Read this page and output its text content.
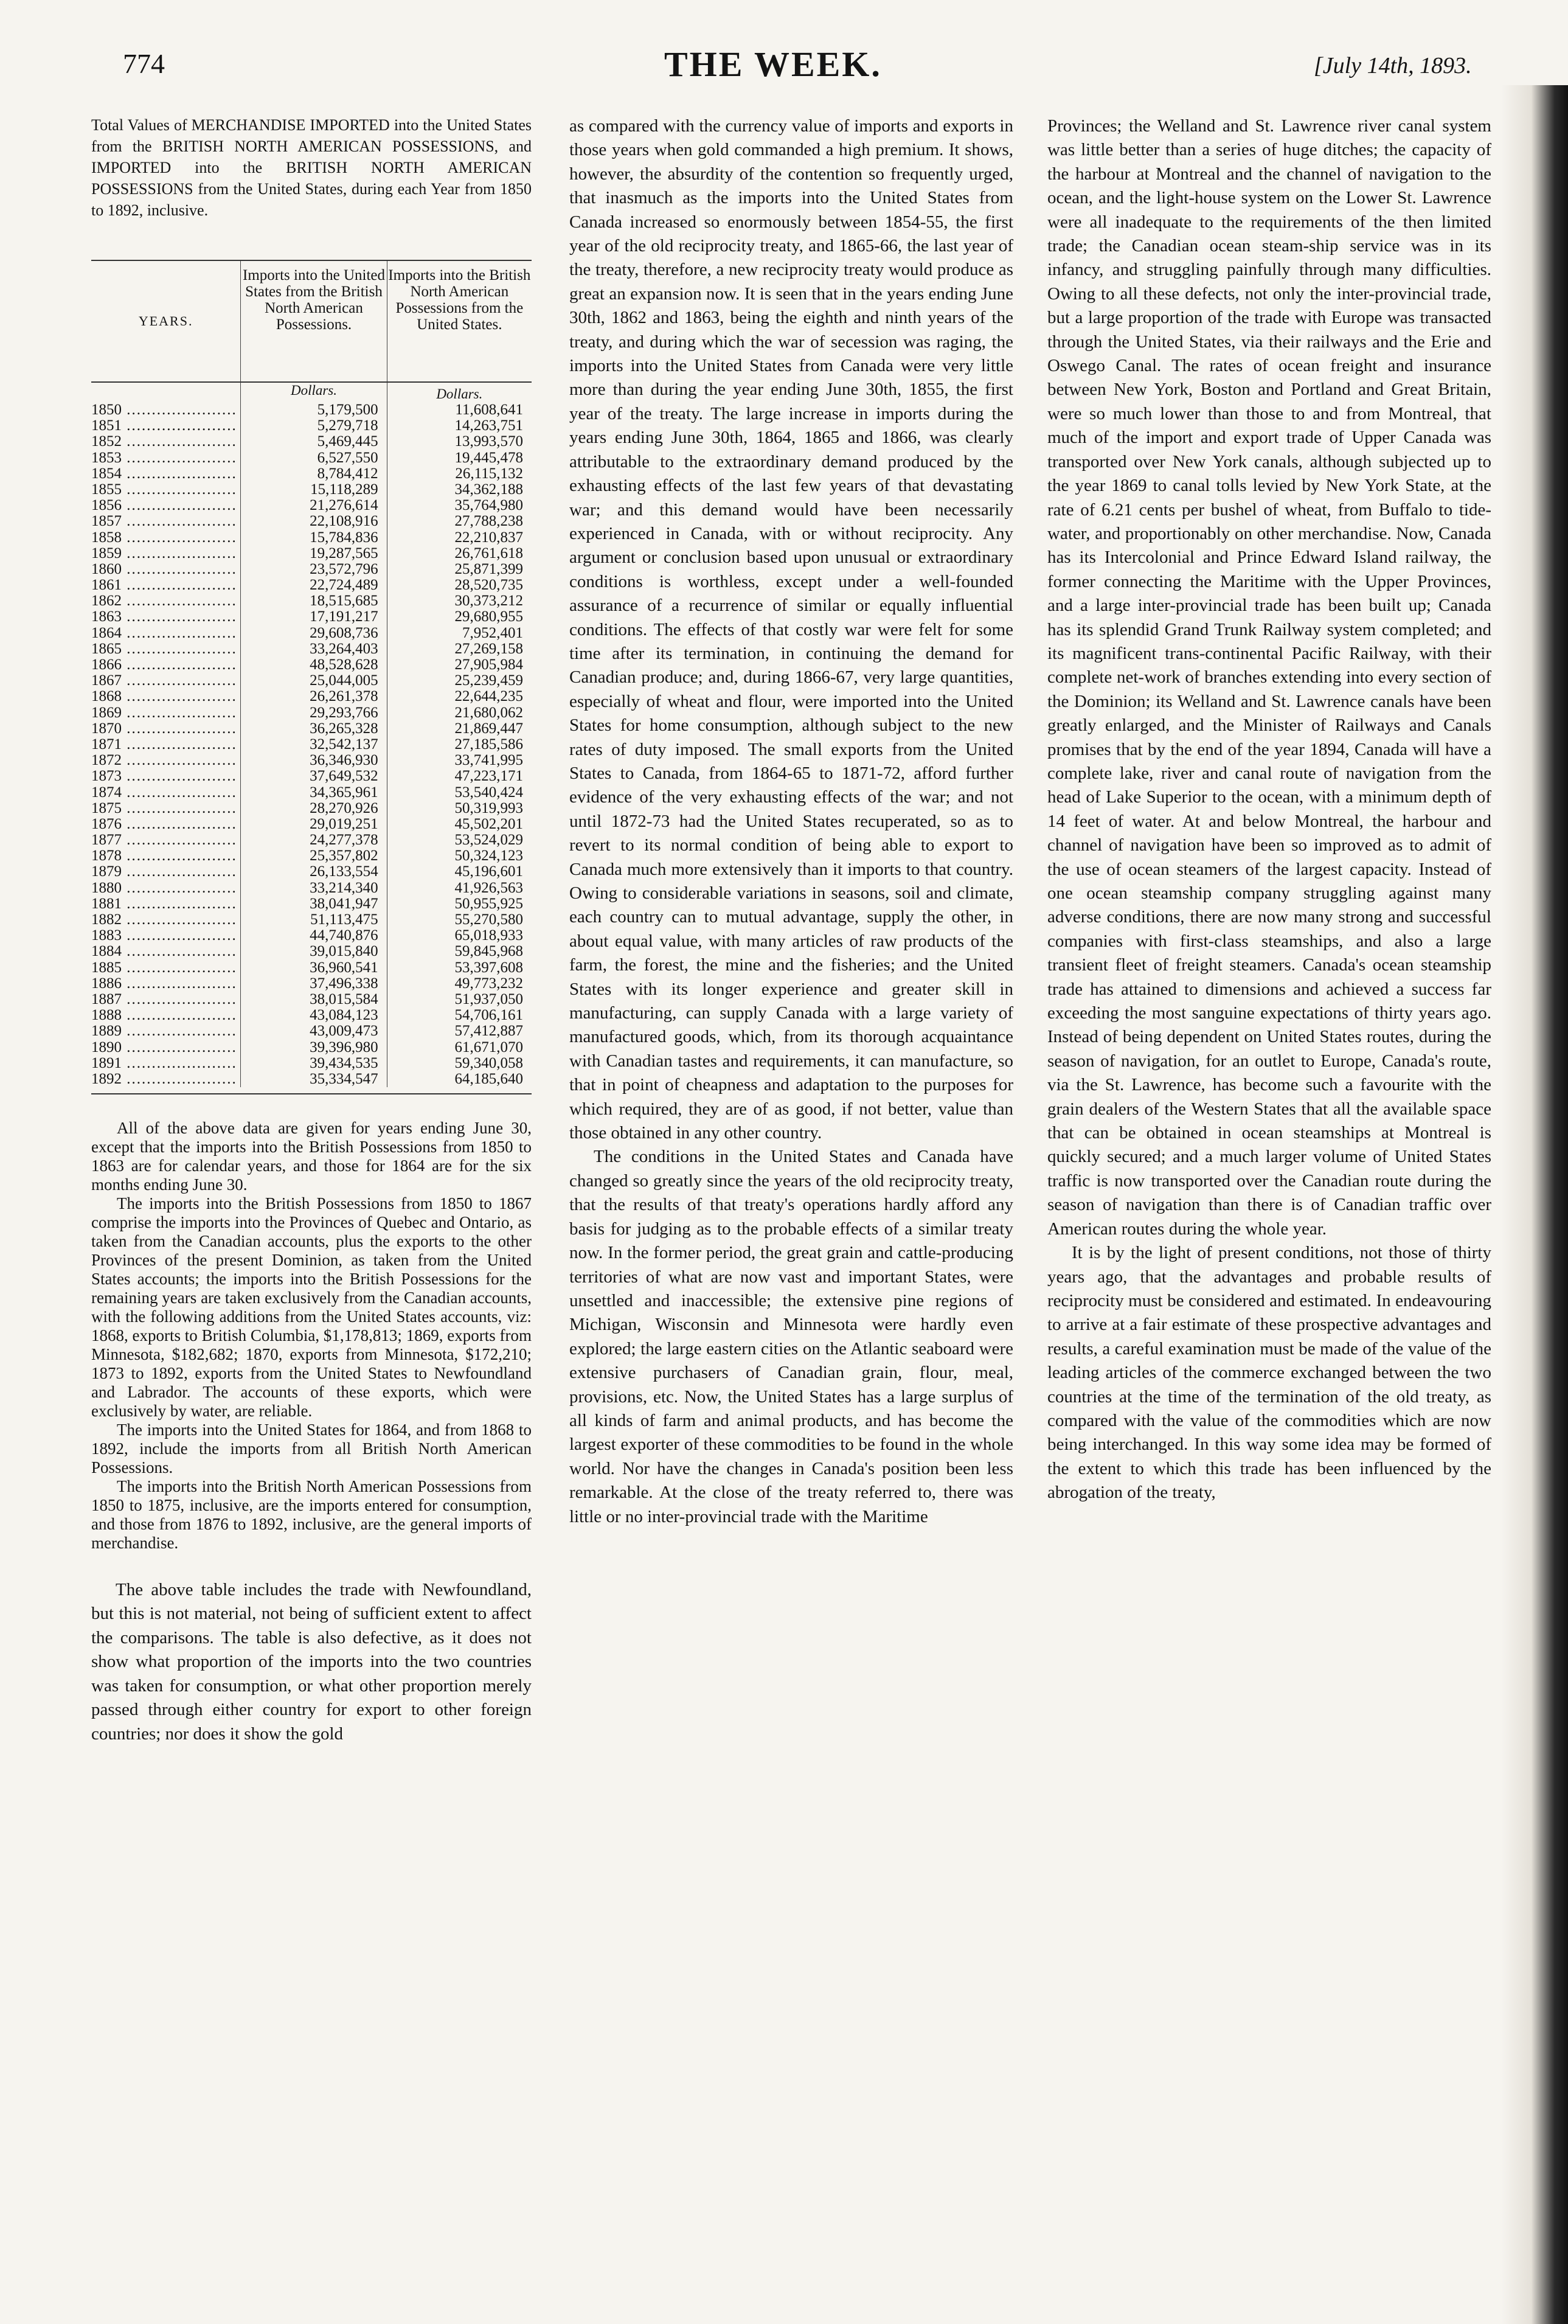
774	THE WEEK.	[July 14th, 1893.
Total Values of MERCHANDISE IMPORTED into the United States from the BRITISH NORTH AMERICAN POSSESSIONS, and IMPORTED into the BRITISH NORTH AMERICAN POSSESSIONS from the United States, during each Year from 1850 to 1892, inclusive.
YEARS.
Imports into the United States from the British North American Possessions.
Imports into the British North American Possessions from the United States.
Dollars.	Dollars.
1850 .....	5,179,500	11,608,641
1851 .....	5,279,718	14,263,751
1852 .....	5,469,445	13,993,570
1853 .....	6,527,550	19,445,478
1854 .....	8,784,412	26,115,132
1855 .....	15,118,289	34,362,188
1856 .....	21,276,614	35,764,980
1857 .....	22,108,916	27,788,238
1858 .....	15,784,836	22,210,837
1859 .....	19,287,565	26,761,618
1860 .....	23,572,796	25,871,399
1861 .....	22,724,489	28,520,735
1862 .....	18,515,685	30,373,212
1863 .....	17,191,217	29,680,955
1864 .....	29,608,736	7,952,401
1865 .....	33,264,403	27,269,158
1866 .....	48,528,628	27,905,984
1867 .....	25,044,005	25,239,459
1868 .....	26,261,378	22,644,235
1869 .....	29,293,766	21,680,062
1870 .....	36,265,328	21,869,447
1871 .....	32,542,137	27,185,586
1872 .....	36,346,930	33,741,995
1873 .....	37,649,532	47,223,171
1874 .....	34,365,961	53,540,424
1875 .....	28,270,926	50,319,993
1876 .....	29,019,251	45,502,201
1877 .....	24,277,378	53,524,029
1878 .....	25,357,802	50,324,123
1879 .....	26,133,554	45,196,601
1880 .....	33,214,340	41,926,563
1881 .....	38,041,947	50,955,925
1882 .....	51,113,475	55,270,580
1883 .....	44,740,876	65,018,933
1884 .....	39,015,840	59,845,968
1885 .....	36,960,541	53,397,608
1886 .....	37,496,338	49,773,232
1887 .....	38,015,584	51,937,050
1888 .....	43,084,123	54,706,161
1889 .....	43,009,473	57,412,887
1890 .....	39,396,980	61,671,070
1891 .....	39,434,535	59,340,058
1892 .....	35,334,547	64,185,640

All of the above data are given for years ending June 30, except that the imports into the British Possessions from 1850 to 1863 are for calendar years, and those for 1864 are for the six months ending June 30.

The imports into the British Possessions from 1850 to 1867 comprise the imports into the Provinces of Quebec and Ontario, as taken from the Canadian accounts, plus the exports to the other Provinces of the present Dominion, as taken from the United States accounts; the imports into the British Possessions for the remaining years are taken exclusively from the Canadian accounts, with the following additions from the United States accounts, viz: 1868, exports to British Columbia, $1,178,813; 1869, exports from Minnesota, $182,682; 1870, exports from Minnesota, $172,210; 1873 to 1892, exports from the United States to Newfoundland and Labrador. The accounts of these exports, which were exclusively by water, are reliable.

The imports into the United States for 1864, and from 1868 to 1892, include the imports from all British North American Possessions.

The imports into the British North American Possessions from 1850 to 1875, inclusive, are the imports entered for consumption, and those from 1876 to 1892, inclusive, are the general imports of merchandise.

The above table includes the trade with Newfoundland, but this is not material, not being of sufficient extent to affect the comparisons. The table is also defective, as it does not show what proportion of the imports into the two countries was taken for consumption, or what other proportion merely passed through either country for export to other foreign countries; nor does it show the gold

as compared with the currency value of imports and exports in those years when gold commanded a high premium. It shows, however, the absurdity of the contention so frequently urged, that inasmuch as the imports into the United States from Canada increased so enormously between 1854-55, the first year of the old reciprocity treaty, and 1865-66, the last year of the treaty, therefore, a new reciprocity treaty would produce as great an expansion now. It is seen that in the years ending June 30th, 1862 and 1863, being the eighth and ninth years of the treaty, and during which the war of secession was raging, the imports into the United States from Canada were very little more than during the year ending June 30th, 1855, the first year of the treaty. The large increase in imports during the years ending June 30th, 1864, 1865 and 1866, was clearly attributable to the extraordinary demand produced by the exhausting effects of the last few years of that devastating war; and this demand would have been necessarily experienced in Canada, with or without reciprocity. Any argument or conclusion based upon unusual or extraordinary conditions is worthless, except under a well-founded assurance of a recurrence of similar or equally influential conditions. The effects of that costly war were felt for some time after its termination, in continuing the demand for Canadian produce; and, during 1866-67, very large quantities, especially of wheat and flour, were imported into the United States for home consumption, although subject to the new rates of duty imposed. The small exports from the United States to Canada, from 1864-65 to 1871-72, afford further evidence of the very exhausting effects of the war; and not until 1872-73 had the United States recuperated, so as to revert to its normal condition of being able to export to Canada much more extensively than it imports to that country. Owing to considerable variations in seasons, soil and climate, each country can to mutual advantage, supply the other, in about equal value, with many articles of raw products of the farm, the forest, the mine and the fisheries; and the United States with its longer experience and greater skill in manufacturing, can supply Canada with a large variety of manufactured goods, which, from its thorough acquaintance with Canadian tastes and requirements, it can manufacture, so that in point of cheapness and adaptation to the purposes for which required, they are of as good, if not better, value than those obtained in any other country.

The conditions in the United States and Canada have changed so greatly since the years of the old reciprocity treaty, that the results of that treaty's operations hardly afford any basis for judging as to the probable effects of a similar treaty now. In the former period, the great grain and cattle-producing territories of what are now vast and important States, were unsettled and inaccessible; the extensive pine regions of Michigan, Wisconsin and Minnesota were hardly even explored; the large eastern cities on the Atlantic seaboard were extensive purchasers of Canadian grain, flour, meal, provisions, etc. Now, the United States has a large surplus of all kinds of farm and animal products, and has become the largest exporter of these commodities to be found in the whole world. Nor have the changes in Canada's position been less remarkable. At the close of the treaty referred to, there was little or no inter-provincial trade with the Maritime

Provinces; the Welland and St. Lawrence river canal system was little better than a series of huge ditches; the capacity of the harbour at Montreal and the channel of navigation to the ocean, and the light-house system on the Lower St. Lawrence were all inadequate to the requirements of the then limited trade; the Canadian ocean steam-ship service was in its infancy, and struggling painfully through many difficulties. Owing to all these defects, not only the inter-provincial trade, but a large proportion of the trade with Europe was transacted through the United States, via their railways and the Erie and Oswego Canal. The rates of ocean freight and insurance between New York, Boston and Portland and Great Britain, were so much lower than those to and from Montreal, that much of the import and export trade of Upper Canada was transported over New York canals, although subjected up to the year 1869 to canal tolls levied by New York State, at the rate of 6.21 cents per bushel of wheat, from Buffalo to tide-water, and proportionably on other merchandise. Now, Canada has its Intercolonial and Prince Edward Island railway, the former connecting the Maritime with the Upper Provinces, and a large inter-provincial trade has been built up; Canada has its splendid Grand Trunk Railway system completed; and its magnificent trans-continental Pacific Railway, with their complete net-work of branches extending into every section of the Dominion; its Welland and St. Lawrence canals have been greatly enlarged, and the Minister of Railways and Canals promises that by the end of the year 1894, Canada will have a complete lake, river and canal route of navigation from the head of Lake Superior to the ocean, with a minimum depth of 14 feet of water. At and below Montreal, the harbour and channel of navigation have been so improved as to admit of the use of ocean steamers of the largest capacity. Instead of one ocean steamship company struggling against many adverse conditions, there are now many strong and successful companies with first-class steamships, and also a large transient fleet of freight steamers. Canada's ocean steamship trade has attained to dimensions and achieved a success far exceeding the most sanguine expectations of thirty years ago. Instead of being dependent on United States routes, during the season of navigation, for an outlet to Europe, Canada's route, via the St. Lawrence, has become such a favourite with the grain dealers of the Western States that all the available space that can be obtained in ocean steamships at Montreal is quickly secured; and a much larger volume of United States traffic is now transported over the Canadian route during the season of navigation than there is of Canadian traffic over American routes during the whole year.

It is by the light of present conditions, not those of thirty years ago, that the advantages and probable results of reciprocity must be considered and estimated. In endeavouring to arrive at a fair estimate of these prospective advantages and results, a careful examination must be made of the value of the leading articles of the commerce exchanged between the two countries at the time of the termination of the old treaty, as compared with the value of the commodities which are now being interchanged. In this way some idea may be formed of the extent to which this trade has been influenced by the abrogation of the treaty,
